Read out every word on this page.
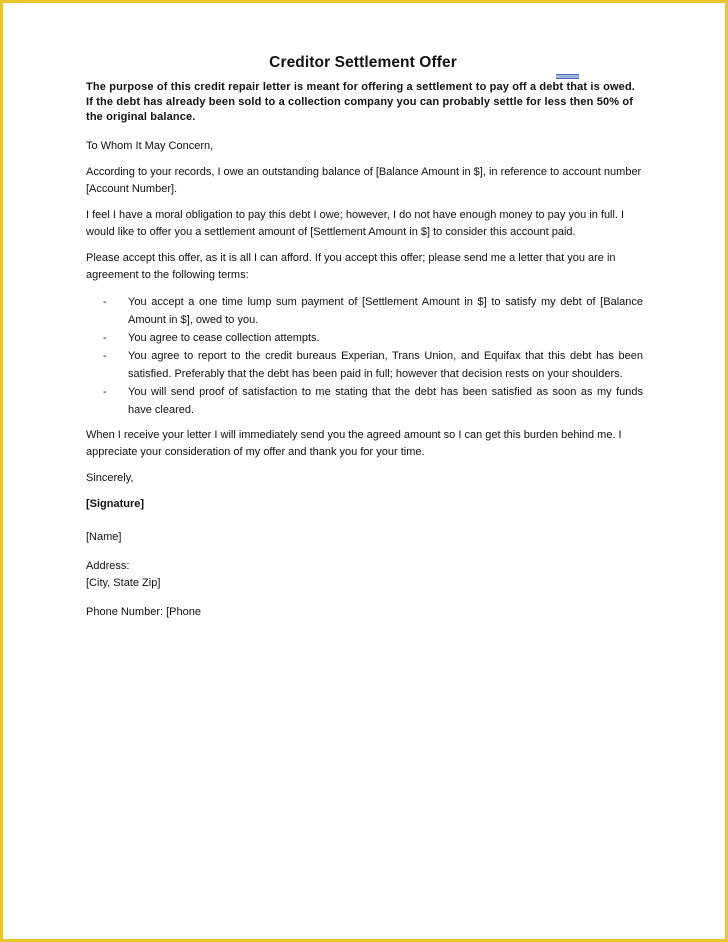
Creditor Settlement Offer
The purpose of this credit repair letter is meant for offering a settlement to pay off a debt that is owed. If the debt has already been sold to a collection company you can probably settle for less then 50% of the original balance.

To Whom It May Concern,

According to your records, I owe an outstanding balance of [Balance Amount in $], in reference to account number [Account Number].

I feel I have a moral obligation to pay this debt I owe; however, I do not have enough money to pay you in full. I would like to offer you a settlement amount of [Settlement Amount in $] to consider this account paid.

Please accept this offer, as it is all I can afford. If you accept this offer; please send me a letter that you are in agreement to the following terms:

- You accept a one time lump sum payment of [Settlement Amount in $] to satisfy my debt of [Balance Amount in $], owed to you.
- You agree to cease collection attempts.
- You agree to report to the credit bureaus Experian, Trans Union, and Equifax that this debt has been satisfied. Preferably that the debt has been paid in full; however that decision rests on your shoulders.
- You will send proof of satisfaction to me stating that the debt has been satisfied as soon as my funds have cleared.

When I receive your letter I will immediately send you the agreed amount so I can get this burden behind me. I appreciate your consideration of my offer and thank you for your time.

Sincerely,

[Signature]

[Name]

Address:

[City, State Zip]

Phone Number: [Phone
